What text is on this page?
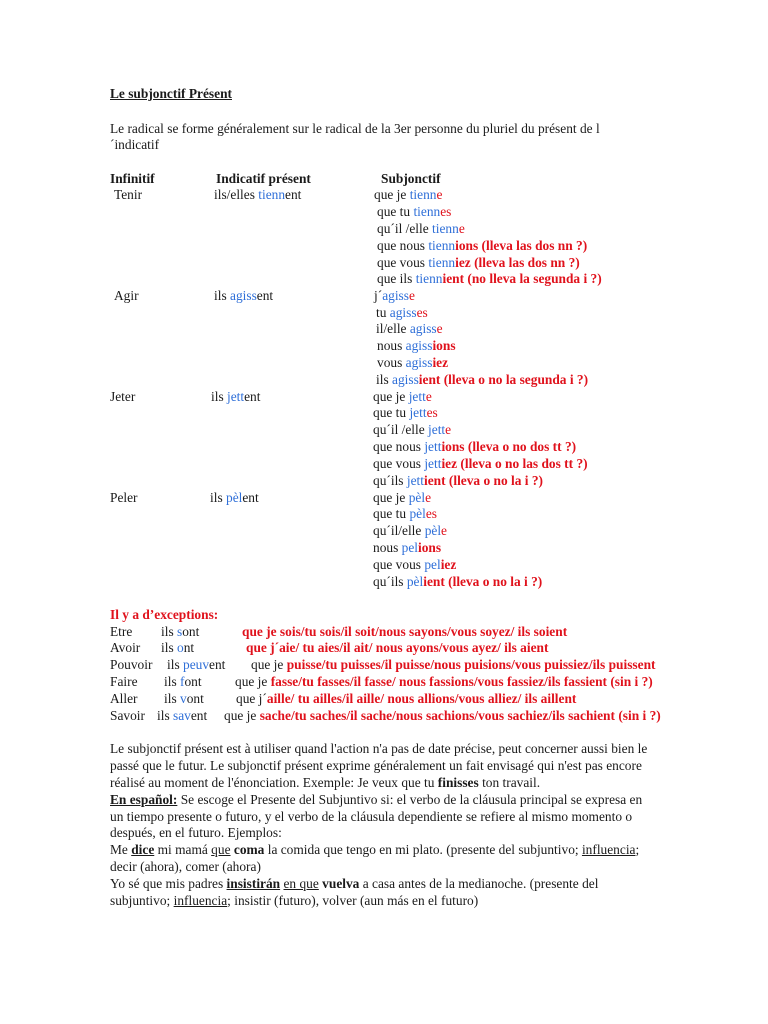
Le subjonctif Présent
Le radical se forme généralement sur le radical de la 3er personne du pluriel du présent de l
´indicatif
Infinitif	Indicatif présent	Subjonctif
Tenir	ils/elles tiennent	que je tienne
que tu tiennes
qu´il /elle tienne
que nous tiennions (lleva las dos nn ?)
que vous tienniez (lleva las dos nn ?)
que ils tiennient (no lleva la segunda i ?)
Agir	ils agissent	j´agisse
tu agisses
il/elle agisse
nous agissions
vous agissiez
ils agissient (lleva o no la segunda i ?)
Jeter	ils jettent	que je jette
que tu jettes
qu´il /elle jette
que nous jettions (lleva o no dos tt ?)
que vous jettiez (lleva o no las dos tt ?)
qu´ils jettient (lleva o no la i ?)
Peler	ils pèlent	que je pèle
que tu pèles
qu´il/elle pèle
nous pelions
que vous peliez
qu´ils pèlient (lleva o no la i ?)
Il y a d’exceptions:
Etre ils sont	que je sois/tu sois/il soit/nous sayons/vous soyez/ ils soient
Avoir ils ont	que j´aie/ tu aies/il ait/ nous ayons/vous ayez/ ils aient
Pouvoir ils peuvent que je puisse/tu puisses/il puisse/nous puisions/vous puissiez/ils puissent
Faire ils font que je fasse/tu fasses/il fasse/ nous fassions/vous fassiez/ils fassient (sin i ?)
Aller ils vont que j´aille/ tu ailles/il aille/ nous allions/vous alliez/ ils aillent
Savoir ils savent que je sache/tu saches/il sache/nous sachions/vous sachiez/ils sachient (sin i ?)
Le subjonctif présent est à utiliser quand l'action n'a pas de date précise, peut concerner aussi bien le
passé que le futur. Le subjonctif présent exprime généralement un fait envisagé qui n'est pas encore
réalisé au moment de l'énonciation. Exemple: Je veux que tu finisses ton travail.
En español: Se escoge el Presente del Subjuntivo si: el verbo de la cláusula principal se expresa en
un tiempo presente o futuro, y el verbo de la cláusula dependiente se refiere al mismo momento o
después, en el futuro. Ejemplos:
Me dice mi mamá que coma la comida que tengo en mi plato. (presente del subjuntivo; influencia;
decir (ahora), comer (ahora)
Yo sé que mis padres insistirán en que vuelva a casa antes de la medianoche. (presente del
subjuntivo; influencia; insistir (futuro), volver (aun más en el futuro)
